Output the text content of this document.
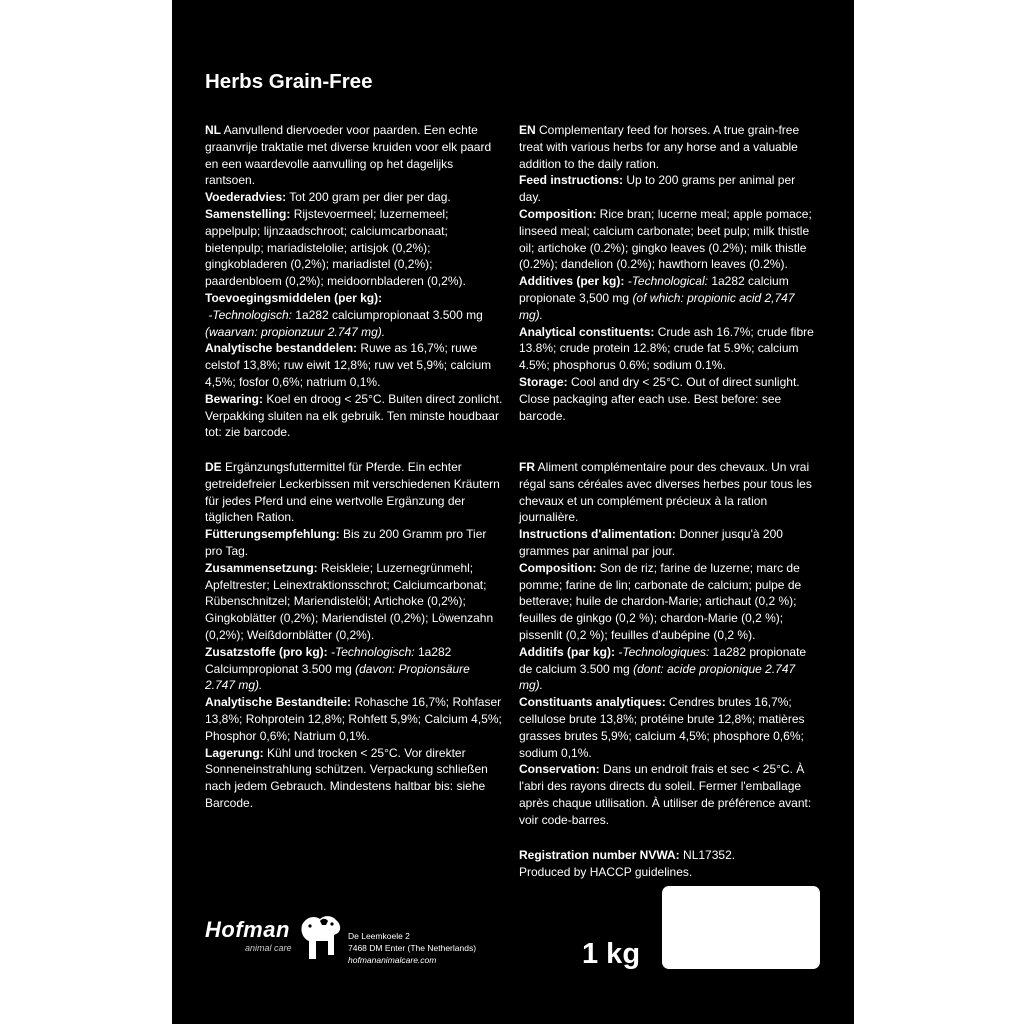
Herbs Grain-Free

NL Aanvullend diervoeder voor paarden. Een echte graanvrije traktatie met diverse kruiden voor elk paard en een waardevolle aanvulling op het dagelijks rantsoen.

Voederadvies: Tot 200 gram per dier per dag.

Samenstelling: Rijstevoermeel; luzernemeel; appelpulp; lijnzaadschroot; calciumcarbonaat; bietenpulp; mariadistelolie; artisjok (0,2%); gingkobladeren (0,2%); mariadistel (0,2%); paardenbloem (0,2%); meidoornbladeren (0,2%).

Toevoegingsmiddelen (per kg):

-Technologisch: 1a282 calciumpropionaat 3.500 mg (waarvan: propionzuur 2.747 mg).

Analytische bestanddelen: Ruwe as 16,7%; ruwe celstof 13,8%; ruw eiwit 12,8%; ruw vet 5,9%; calcium 4,5%; fosfor 0,6%; natrium 0,1%.

Bewaring: Koel en droog < 25°C. Buiten direct zonlicht. Verpakking sluiten na elk gebruik. Ten minste houdbaar tot: zie barcode.

EN Complementary feed for horses. A true grain-free treat with various herbs for any horse and a valuable addition to the daily ration.

Feed instructions: Up to 200 grams per animal per day.

Composition: Rice bran; lucerne meal; apple pomace; linseed meal; calcium carbonate; beet pulp; milk thistle oil; artichoke (0.2%); gingko leaves (0.2%); milk thistle (0.2%); dandelion (0.2%); hawthorn leaves (0.2%).

Additives (per kg): -Technological: 1a282 calcium propionate 3,500 mg (of which: propionic acid 2,747 mg).

Analytical constituents: Crude ash 16.7%; crude fibre 13.8%; crude protein 12.8%; crude fat 5.9%; calcium 4.5%; phosphorus 0.6%; sodium 0.1%.

Storage: Cool and dry < 25°C. Out of direct sunlight. Close packaging after each use. Best before: see barcode.

DE Ergänzungsfuttermittel für Pferde. Ein echter getreidefreier Leckerbissen mit verschiedenen Kräutern für jedes Pferd und eine wertvolle Ergänzung der täglichen Ration.

Fütterungsempfehlung: Bis zu 200 Gramm pro Tier pro Tag.

Zusammensetzung: Reiskleie; Luzernegrünmehl; Apfeltrester; Leinextraktionsschrot; Calciumcarbonat; Rübenschnitzel; Mariendistelöl; Artichoke (0,2%); Gingkoblätter (0,2%); Mariendistel (0,2%); Löwenzahn (0,2%); Weißdornblätter (0,2%).

Zusatzstoffe (pro kg): -Technologisch: 1a282 Calciumpropionat 3.500 mg (davon: Propionsäure 2.747 mg).

Analytische Bestandteile: Rohasche 16,7%; Rohfaser 13,8%; Rohprotein 12,8%; Rohfett 5,9%; Calcium 4,5%; Phosphor 0,6%; Natrium 0,1%.

Lagerung: Kühl und trocken < 25°C. Vor direkter Sonneneinstrahlung schützen. Verpackung schließen nach jedem Gebrauch. Mindestens haltbar bis: siehe Barcode.

FR Aliment complémentaire pour des chevaux. Un vrai régal sans céréales avec diverses herbes pour tous les chevaux et un complément précieux à la ration journalière.

Instructions d'alimentation: Donner jusqu'à 200 grammes par animal par jour.

Composition: Son de riz; farine de luzerne; marc de pomme; farine de lin; carbonate de calcium; pulpe de betterave; huile de chardon-Marie; artichaut (0,2 %); feuilles de ginkgo (0,2 %); chardon-Marie (0,2 %); pissenlit (0,2 %); feuilles d'aubépine (0,2 %).

Additifs (par kg): -Technologiques: 1a282 propionate de calcium 3.500 mg (dont: acide propionique 2.747 mg).

Constituants analytiques: Cendres brutes 16,7%; cellulose brute 13,8%; protéine brute 12,8%; matières grasses brutes 5,9%; calcium 4,5%; phosphore 0,6%; sodium 0,1%.

Conservation: Dans un endroit frais et sec < 25°C. À l'abri des rayons directs du soleil. Fermer l'emballage après chaque utilisation. À utiliser de préférence avant: voir code-barres.

Registration number NVWA: NL17352.

Produced by HACCP guidelines.

Hofman
animal care
De Leemkoele 2
7468 DM Enter (The Netherlands)
hofmananimalcare.com	1 kg
